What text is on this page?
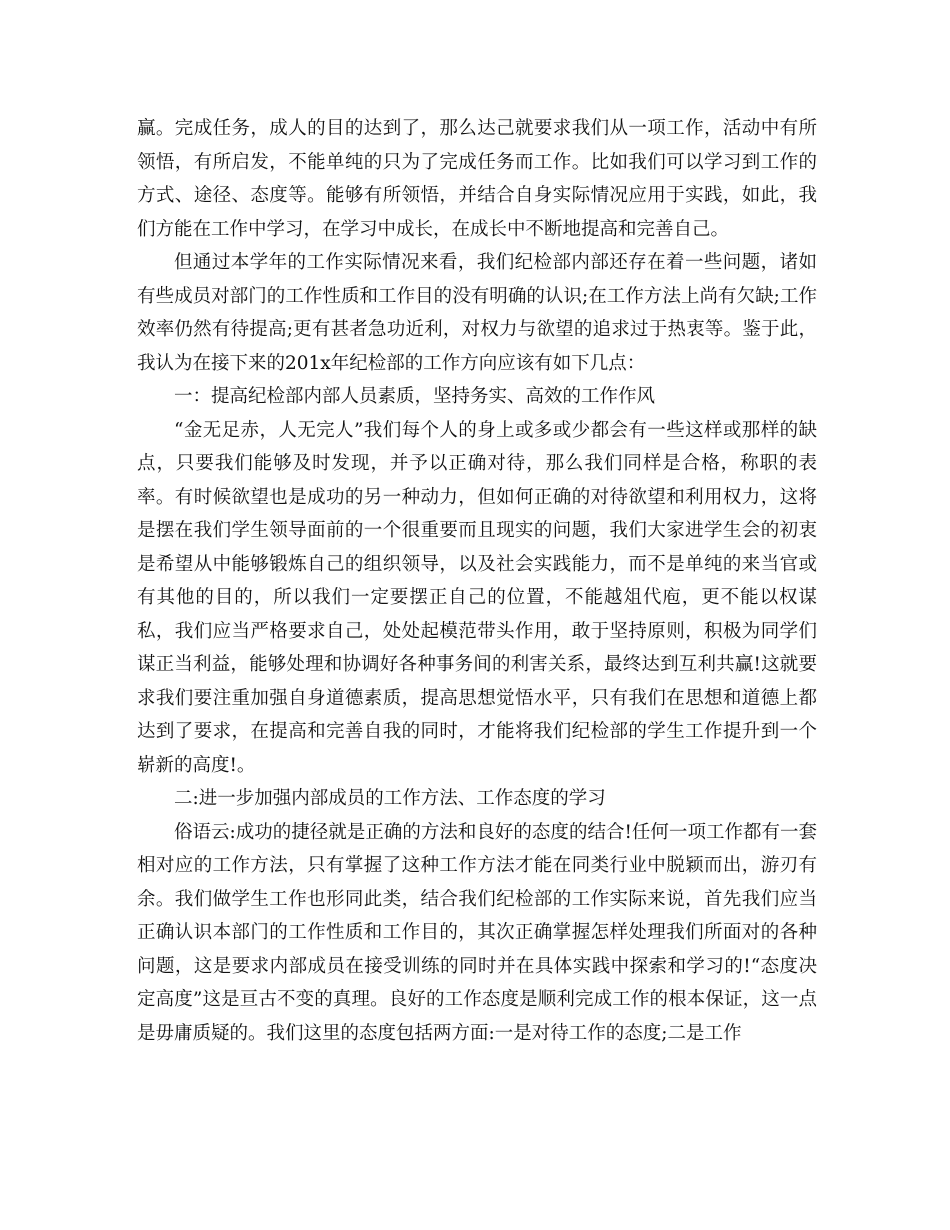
赢。完成任务，成人的目的达到了，那么达己就要求我们从一项工作，活动中有所领悟，有所启发，不能单纯的只为了完成任务而工作。比如我们可以学习到工作的方式、途径、态度等。能够有所领悟，并结合自身实际情况应用于实践，如此，我们方能在工作中学习，在学习中成长，在成长中不断地提高和完善自己。

但通过本学年的工作实际情况来看，我们纪检部内部还存在着一些问题，诸如有些成员对部门的工作性质和工作目的没有明确的认识;在工作方法上尚有欠缺;工作效率仍然有待提高;更有甚者急功近利，对权力与欲望的追求过于热衷等。鉴于此，我认为在接下来的201x年纪检部的工作方向应该有如下几点：

一：提高纪检部内部人员素质，坚持务实、高效的工作作风

“金无足赤，人无完人”我们每个人的身上或多或少都会有一些这样或那样的缺点，只要我们能够及时发现，并予以正确对待，那么我们同样是合格，称职的表率。有时候欲望也是成功的另一种动力，但如何正确的对待欲望和利用权力，这将是摆在我们学生领导面前的一个很重要而且现实的问题，我们大家进学生会的初衷是希望从中能够锻炼自己的组织领导，以及社会实践能力，而不是单纯的来当官或有其他的目的，所以我们一定要摆正自己的位置，不能越俎代庖，更不能以权谋私，我们应当严格要求自己，处处起模范带头作用，敢于坚持原则，积极为同学们谋正当利益，能够处理和协调好各种事务间的利害关系，最终达到互利共赢!这就要求我们要注重加强自身道德素质，提高思想觉悟水平，只有我们在思想和道德上都达到了要求，在提高和完善自我的同时，才能将我们纪检部的学生工作提升到一个崭新的高度!。

二:进一步加强内部成员的工作方法、工作态度的学习

俗语云:成功的捷径就是正确的方法和良好的态度的结合!任何一项工作都有一套相对应的工作方法，只有掌握了这种工作方法才能在同类行业中脱颖而出，游刃有余。我们做学生工作也形同此类，结合我们纪检部的工作实际来说，首先我们应当正确认识本部门的工作性质和工作目的，其次正确掌握怎样处理我们所面对的各种问题，这是要求内部成员在接受训练的同时并在具体实践中探索和学习的!“态度决定高度”这是亘古不变的真理。良好的工作态度是顺利完成工作的根本保证，这一点是毋庸质疑的。我们这里的态度包括两方面:一是对待工作的态度;二是工作
